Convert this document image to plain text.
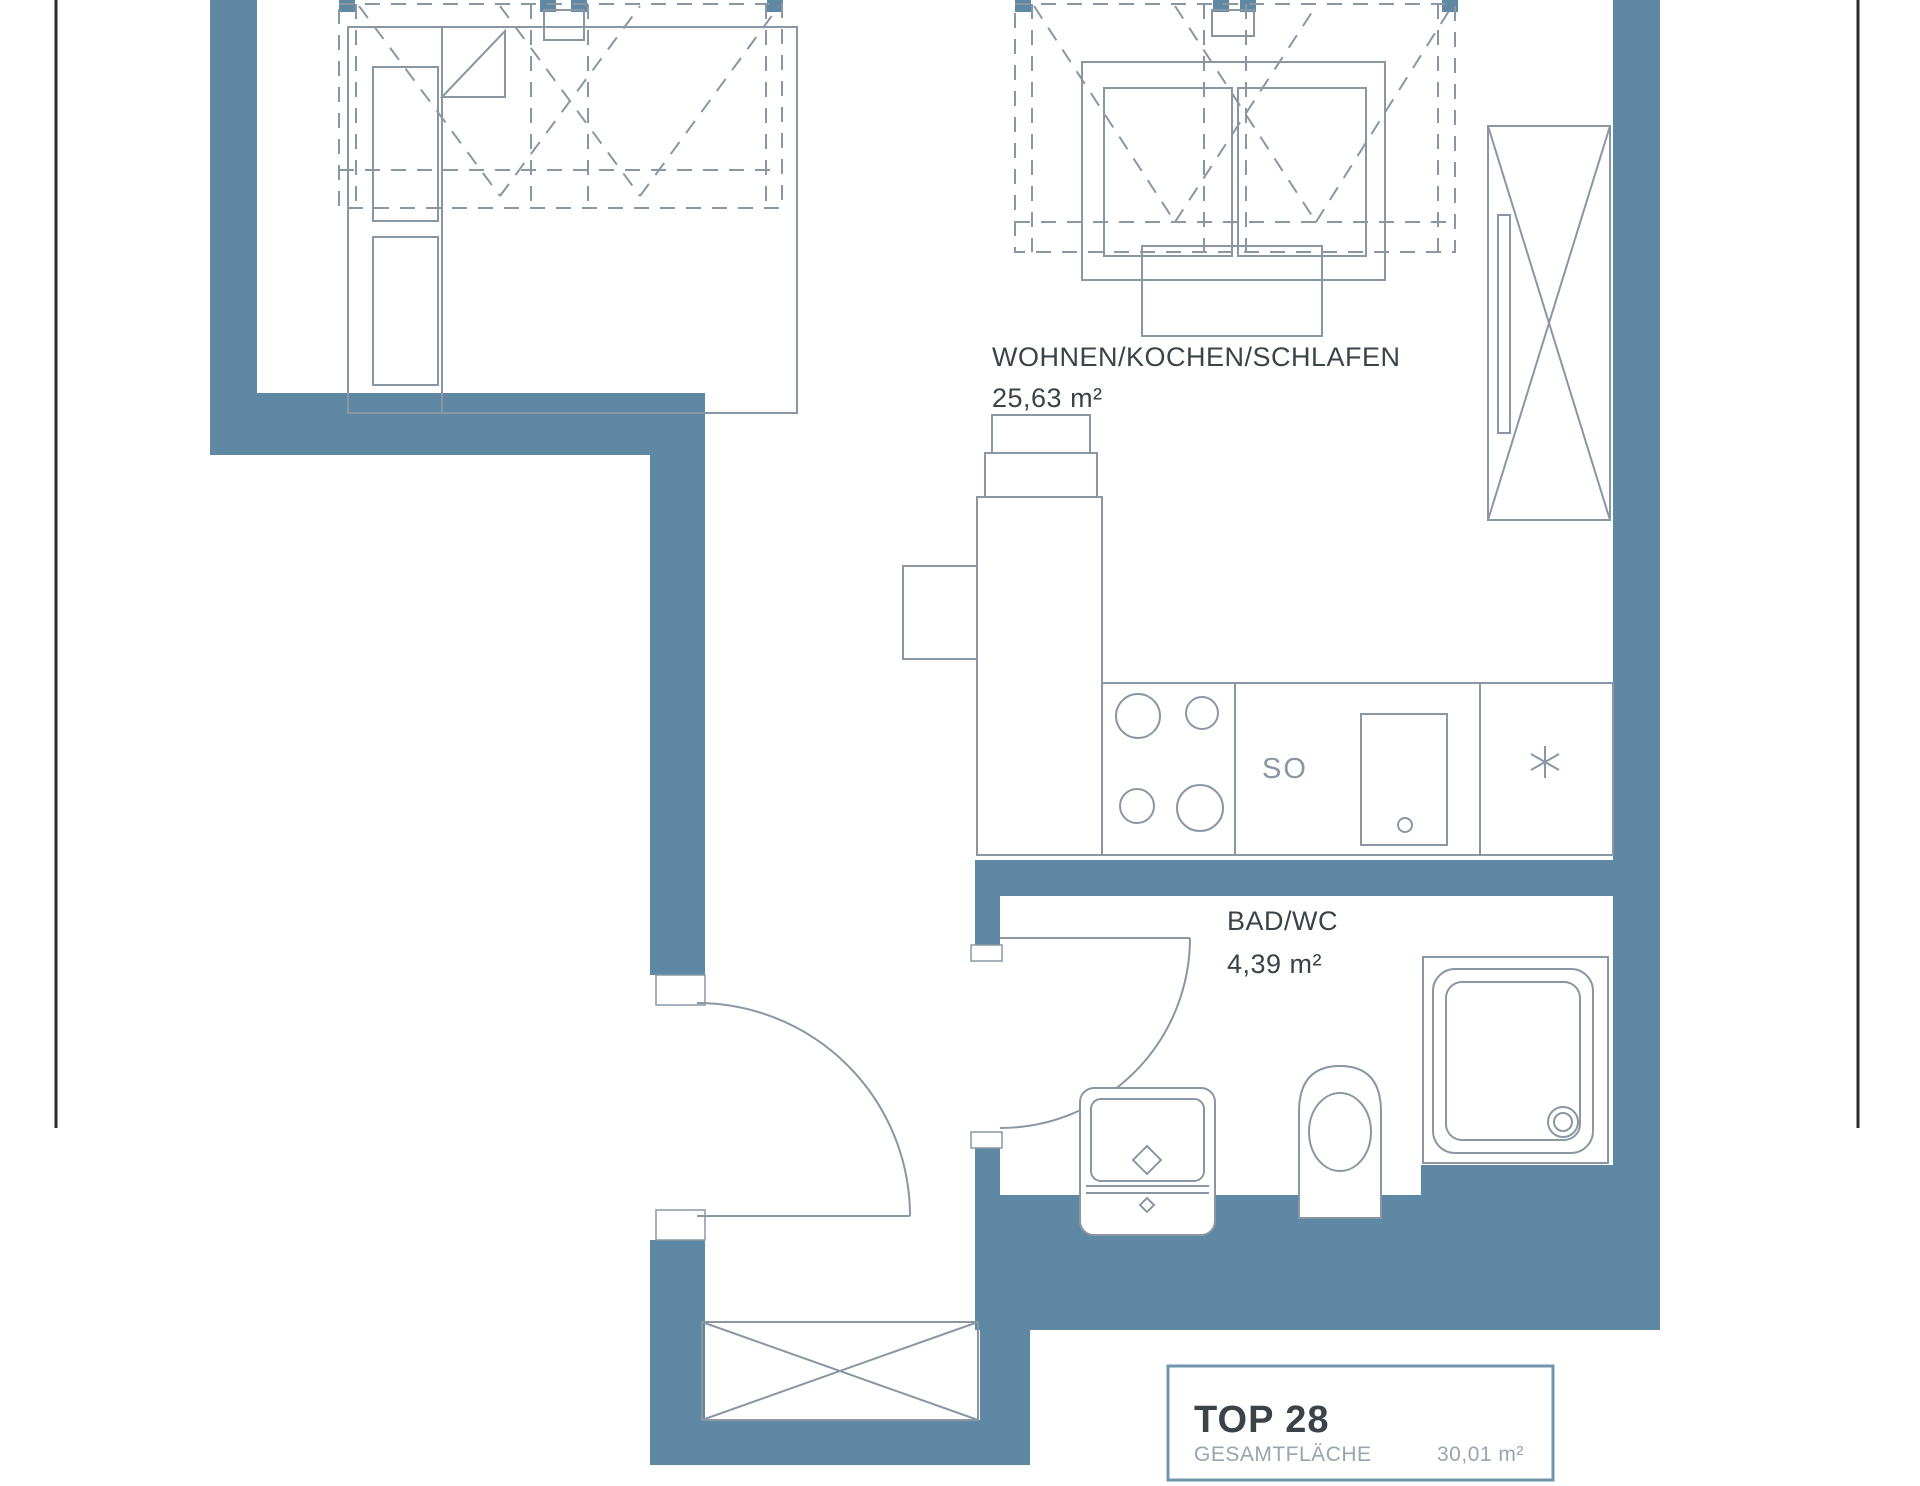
SO
WOHNEN/KOCHEN/SCHLAFEN
25,63 m²
BAD/WC
4,39 m²
TOP 28
GESAMTFLÄCHE	30,01 m²
